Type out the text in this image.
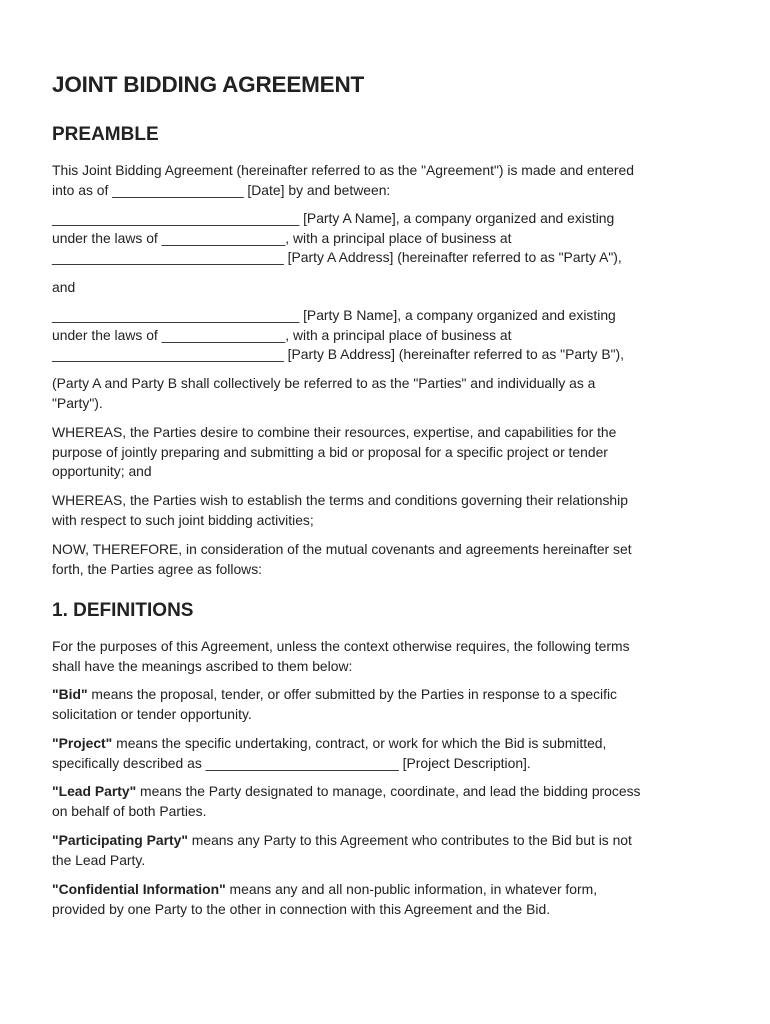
JOINT BIDDING AGREEMENT
PREAMBLE
This Joint Bidding Agreement (hereinafter referred to as the "Agreement") is made and entered
into as of _________________ [Date] by and between:
________________________________ [Party A Name], a company organized and existing
under the laws of ________________, with a principal place of business at
______________________________ [Party A Address] (hereinafter referred to as "Party A"),
and
________________________________ [Party B Name], a company organized and existing
under the laws of ________________, with a principal place of business at
______________________________ [Party B Address] (hereinafter referred to as "Party B"),
(Party A and Party B shall collectively be referred to as the "Parties" and individually as a
"Party").
WHEREAS, the Parties desire to combine their resources, expertise, and capabilities for the
purpose of jointly preparing and submitting a bid or proposal for a specific project or tender
opportunity; and
WHEREAS, the Parties wish to establish the terms and conditions governing their relationship
with respect to such joint bidding activities;
NOW, THEREFORE, in consideration of the mutual covenants and agreements hereinafter set
forth, the Parties agree as follows:
1. DEFINITIONS
For the purposes of this Agreement, unless the context otherwise requires, the following terms
shall have the meanings ascribed to them below:
"Bid" means the proposal, tender, or offer submitted by the Parties in response to a specific
solicitation or tender opportunity.
"Project" means the specific undertaking, contract, or work for which the Bid is submitted,
specifically described as _________________________ [Project Description].
"Lead Party" means the Party designated to manage, coordinate, and lead the bidding process
on behalf of both Parties.
"Participating Party" means any Party to this Agreement who contributes to the Bid but is not
the Lead Party.
"Confidential Information" means any and all non-public information, in whatever form,
provided by one Party to the other in connection with this Agreement and the Bid.
